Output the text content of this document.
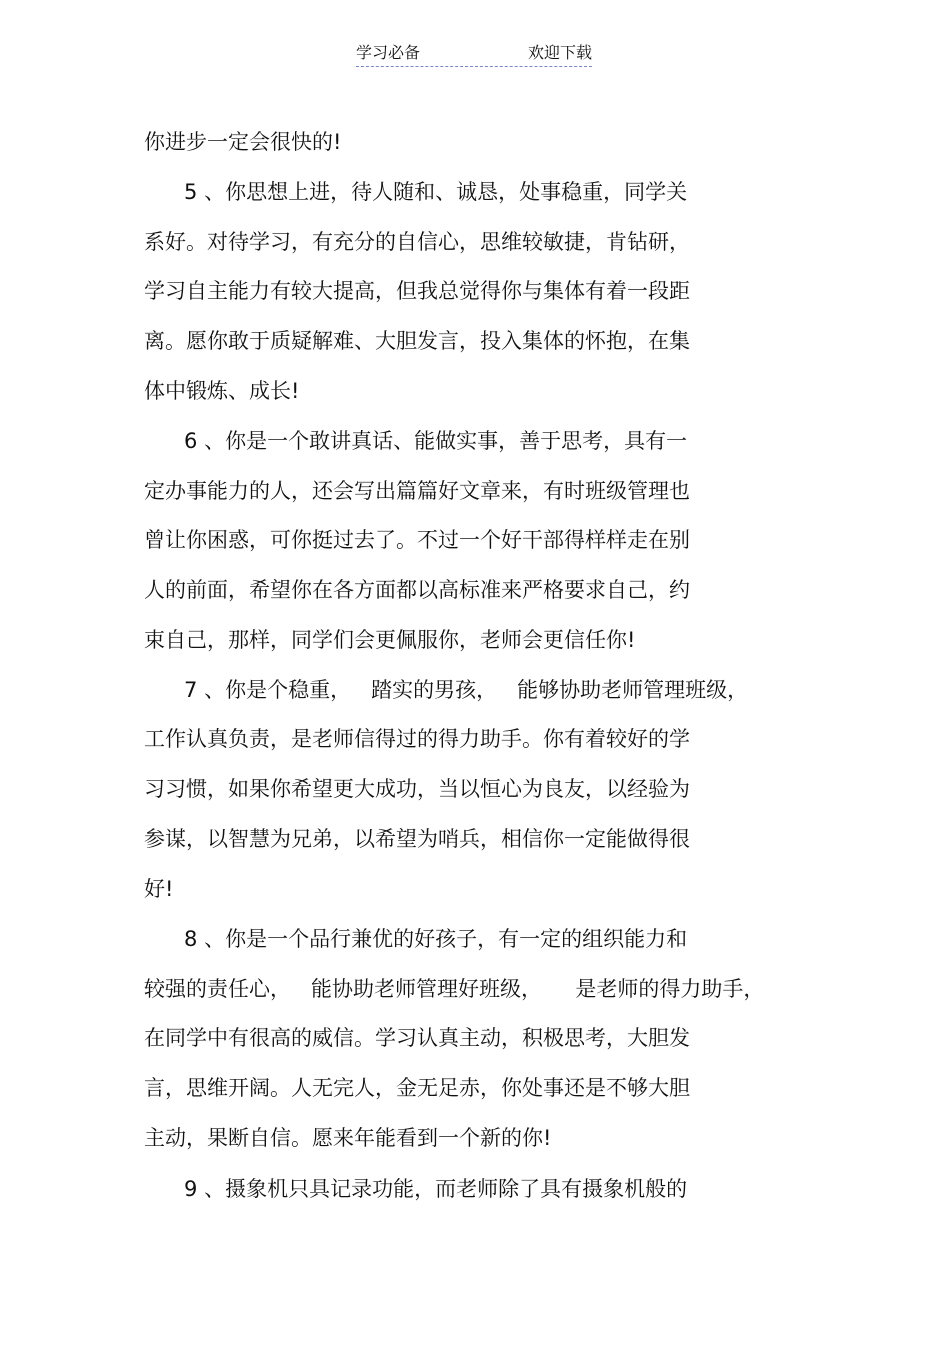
学习必备	欢迎下载
你进步一定会很快的!
5 、你思想上进，待人随和、诚恳，处事稳重，同学关
系好。对待学习，有充分的自信心，思维较敏捷，肯钻研，
学习自主能力有较大提高，但我总觉得你与集体有着一段距
离。愿你敢于质疑解难、大胆发言，投入集体的怀抱，在集
体中锻炼、成长!
6 、你是一个敢讲真话、能做实事，善于思考，具有一
定办事能力的人，还会写出篇篇好文章来，有时班级管理也
曾让你困惑，可你挺过去了。不过一个好干部得样样走在别
人的前面，希望你在各方面都以高标准来严格要求自己，约
束自己，那样，同学们会更佩服你，老师会更信任你!
7 、你是个稳重，   踏实的男孩，   能够协助老师管理班级，
工作认真负责，是老师信得过的得力助手。你有着较好的学
习习惯，如果你希望更大成功，当以恒心为良友，以经验为
参谋，以智慧为兄弟，以希望为哨兵，相信你一定能做得很
好!
8 、你是一个品行兼优的好孩子，有一定的组织能力和
较强的责任心，   能协助老师管理好班级，     是老师的得力助手，
在同学中有很高的威信。学习认真主动，积极思考，大胆发
言，思维开阔。人无完人，金无足赤，你处事还是不够大胆
主动，果断自信。愿来年能看到一个新的你!
9 、摄象机只具记录功能，而老师除了具有摄象机般的
